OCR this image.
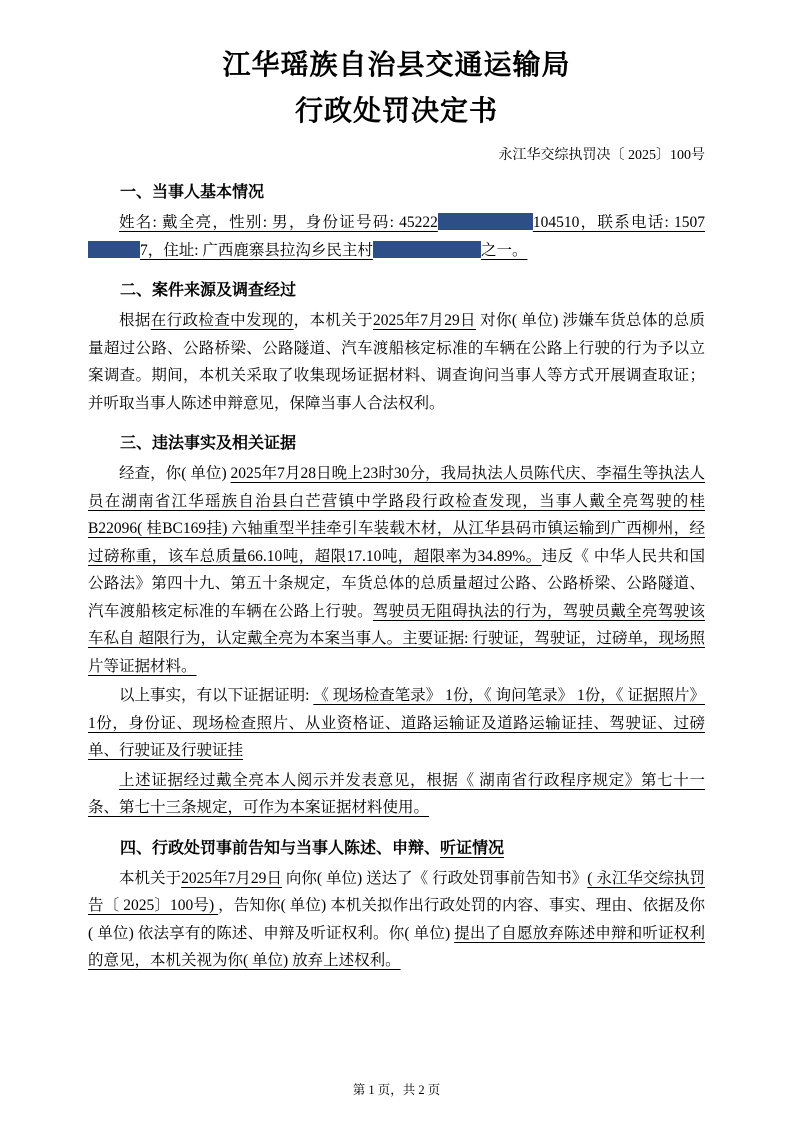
江华瑶族自治县交通运输局
行政处罚决定书
永江华交综执罚决〔 2025〕100号
一、当事人基本情况
姓名: 戴全亮，性别: 男，身份证号码: 45222	104510，联系电话: 15077，住址: 广西鹿寨县拉沟乡民主村	之一。
二、案件来源及调查经过
根据在行政检查中发现的，本机关于2025年7月29日 对你( 单位) 涉嫌车货总体的总质量超过公路、公路桥梁、公路隧道、汽车渡船核定标准的车辆在公路上行驶的行为予以立案调查。期间，本机关采取了收集现场证据材料、调查询问当事人等方式开展调查取证；并听取当事人陈述申辩意见，保障当事人合法权利。
三、违法事实及相关证据
经查，你( 单位) 2025年7月28日晚上23时30分，我局执法人员陈代庆、李福生等执法人员在湖南省江华瑶族自治县白芒营镇中学路段行政检查发现，当事人戴全亮驾驶的桂B22096( 桂BC169挂) 六轴重型半挂牵引车装载木材，从江华县码市镇运输到广西柳州，经过磅称重，该车总质量66.10吨，超限17.10吨，超限率为34.89%。违反《 中华人民共和国公路法》第四十九、第五十条规定，车货总体的总质量超过公路、公路桥梁、公路隧道、汽车渡船核定标准的车辆在公路上行驶。驾驶员无阻碍执法的行为，驾驶员戴全亮驾驶该车私自 超限行为，认定戴全亮为本案当事人。主要证据: 行驶证，驾驶证，过磅单，现场照片等证据材料。
以上事实，有以下证据证明: 《 现场检查笔录》 1份，《 询问笔录》 1份，《 证据照片》 1份，身份证、现场检查照片、从业资格证、道路运输证及道路运输证挂、驾驶证、过磅单、行驶证及行驶证挂
上述证据经过戴全亮本人阅示并发表意见，根据《 湖南省行政程序规定》第七十一条、第七十三条规定，可作为本案证据材料使用。
四、行政处罚事前告知与当事人陈述、申辩、听证情况
本机关于2025年7月29日 向你( 单位) 送达了《 行政处罚事前告知书》( 永江华交综执罚告〔 2025〕100号) ，告知你( 单位) 本机关拟作出行政处罚的内容、事实、理由、依据及你( 单位) 依法享有的陈述、申辩及听证权利。你( 单位) 提出了自愿放弃陈述申辩和听证权利的意见，本机关视为你( 单位) 放弃上述权利。
第 1 页，共 2 页
